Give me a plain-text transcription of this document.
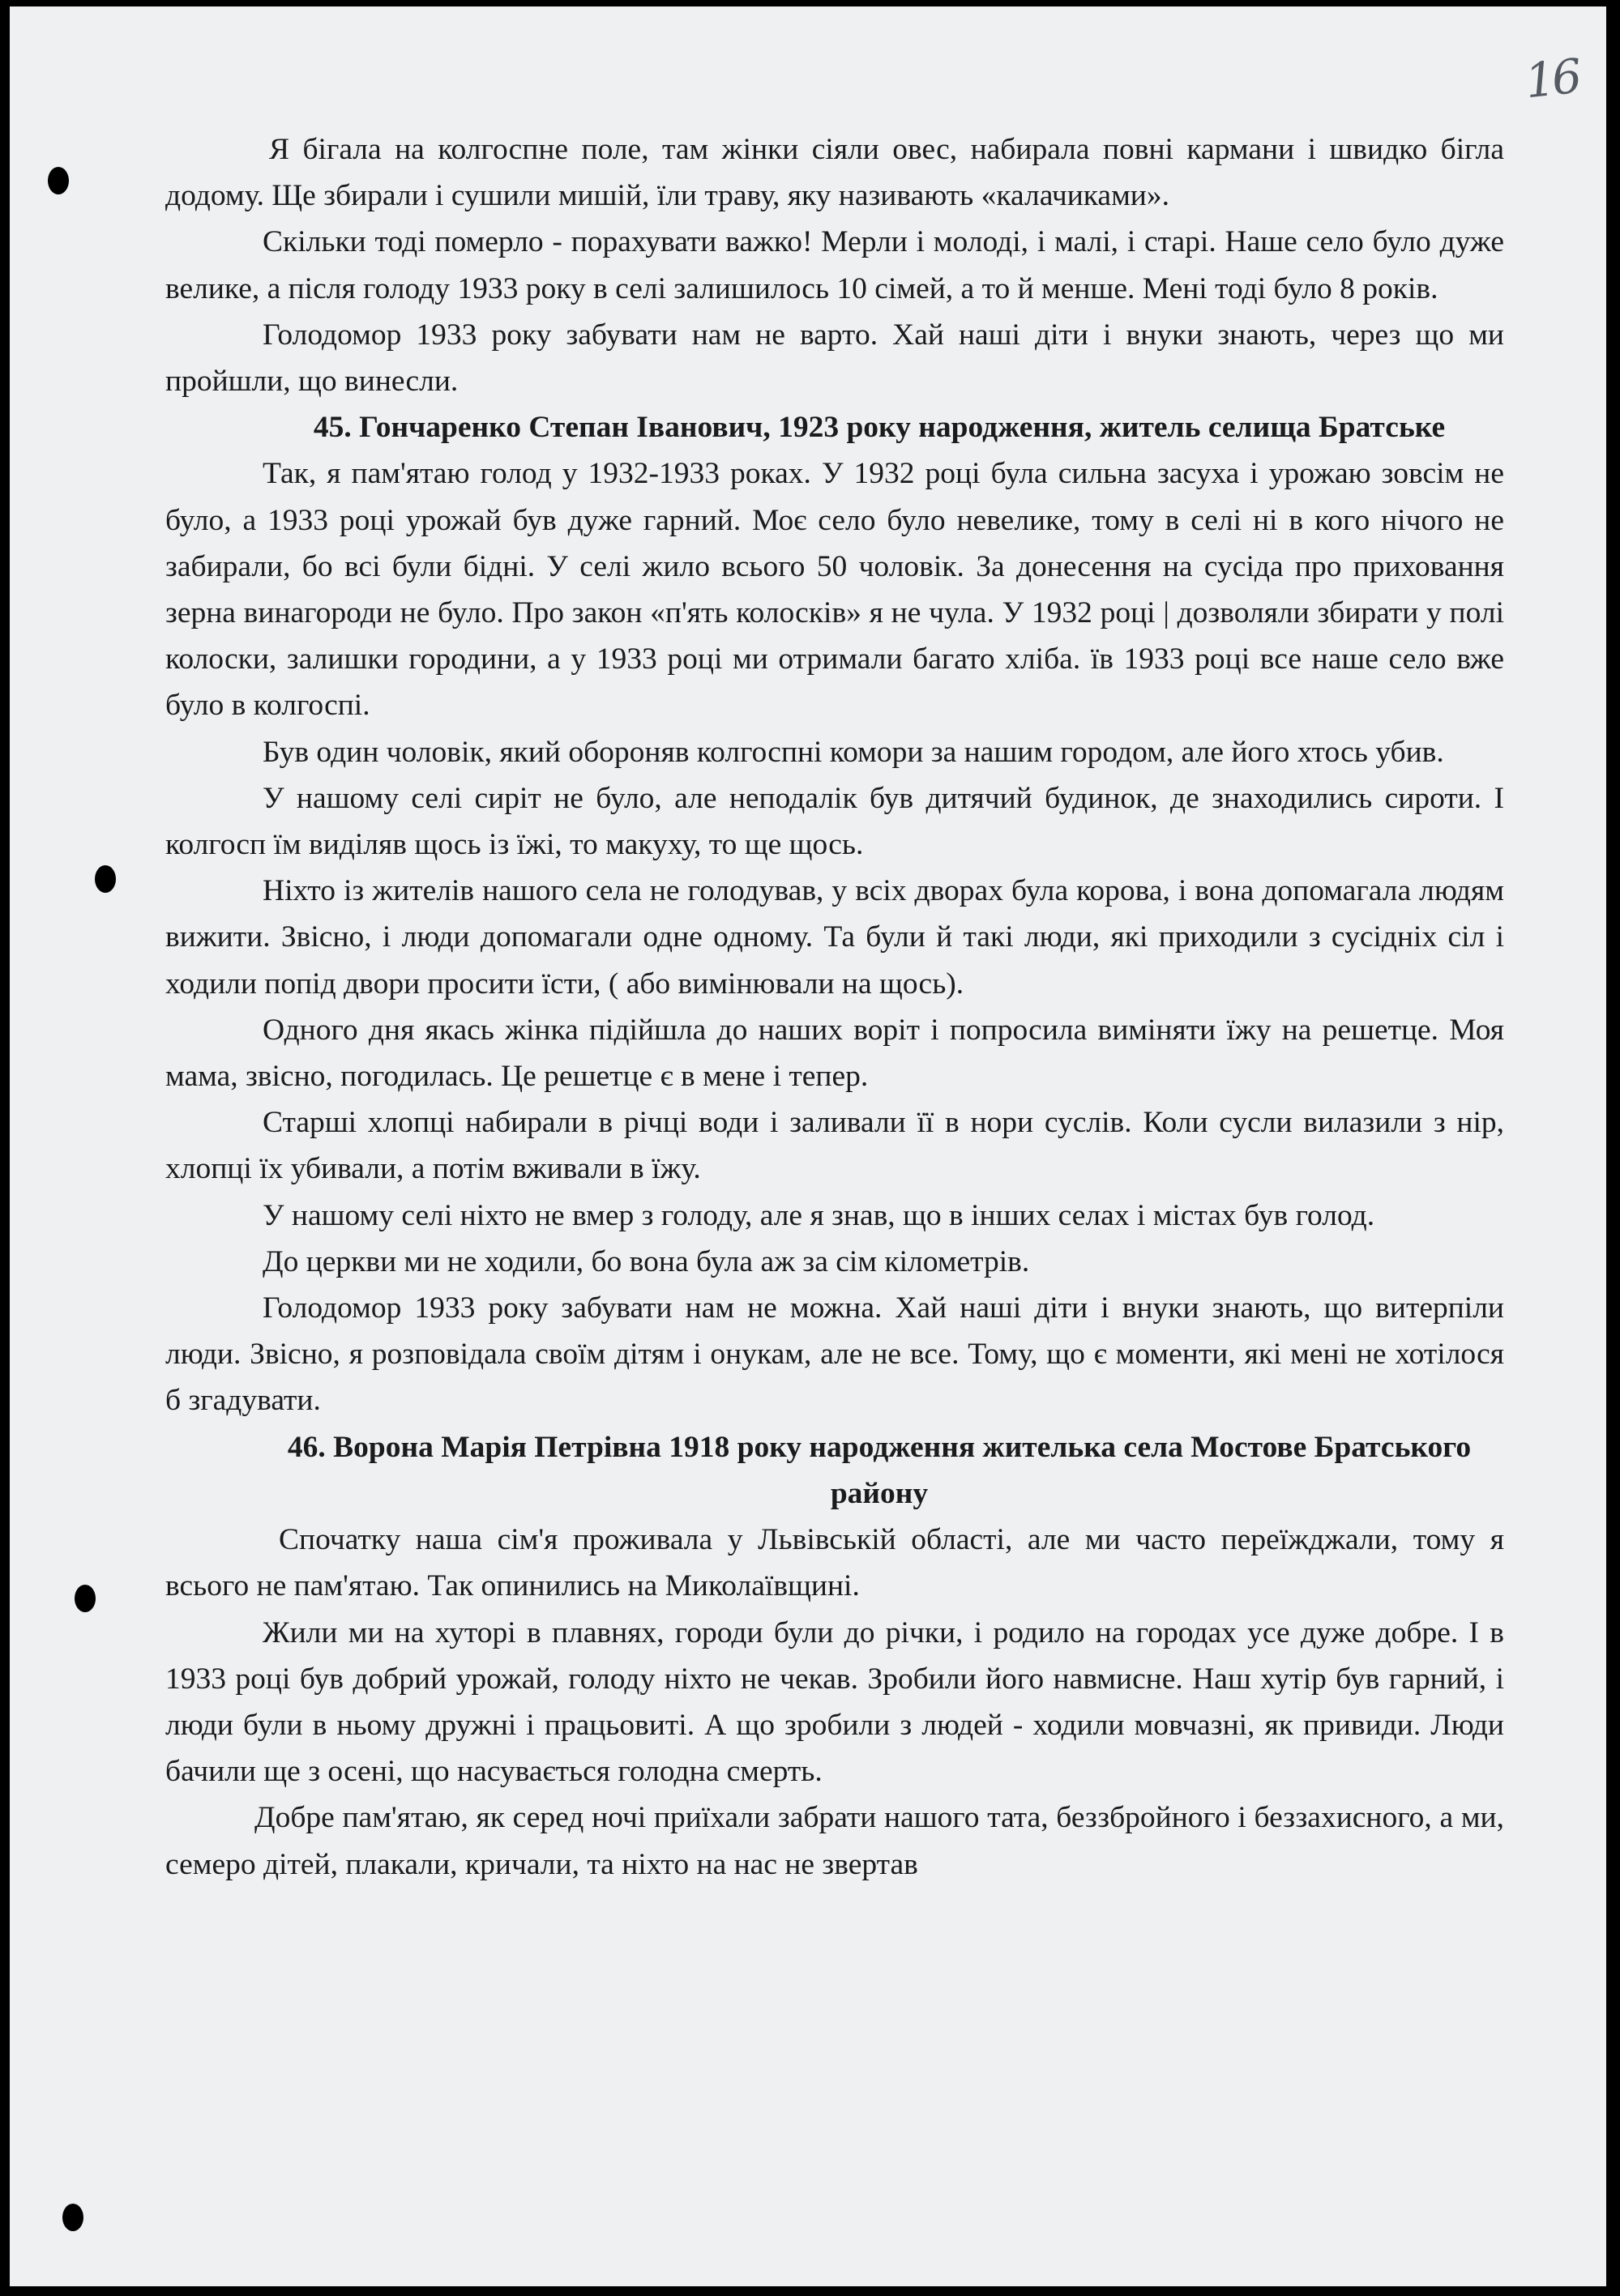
16

Я бігала на колгоспне поле, там жінки сіяли овес, набирала повні кармани і швидко бігла додому. Ще збирали і сушили мишій, їли траву, яку називають «калачиками».

Скільки тоді померло - порахувати важко! Мерли і молоді, і малі, і старі. Наше село було дуже велике, а після голоду 1933 року в селі залишилось 10 сімей, а то й менше. Мені тоді було 8 років.

Голодомор 1933 року забувати нам не варто. Хай наші діти і внуки знають, через що ми пройшли, що винесли.

45. Гончаренко Степан Іванович, 1923 року народження, житель селища Братське

Так, я пам'ятаю голод у 1932-1933 роках. У 1932 році була сильна засуха і урожаю зовсім не було, а 1933 році урожай був дуже гарний. Моє село було невелике, тому в селі ні в кого нічого не забирали, бо всі були бідні. У селі жило всього 50 чоловік. За донесення на сусіда про приховання зерна винагороди не було. Про закон «п'ять колосків» я не чула. У 1932 році | дозволяли збирати у полі колоски, залишки городини, а у 1933 році ми отримали багато хліба. їв 1933 році все наше село вже було в колгоспі.

Був один чоловік, який обороняв колгоспні комори за нашим городом, але його хтось убив.

У нашому селі сиріт не було, але неподалік був дитячий будинок, де знаходились сироти. І колгосп їм виділяв щось із їжі, то макуху, то ще щось.

Ніхто із жителів нашого села не голодував, у всіх дворах була корова, і вона допомагала людям вижити. Звісно, і люди допомагали одне одному. Та були й такі люди, які приходили з сусідніх сіл і ходили попід двори просити їсти, ( або вимінювали на щось).

Одного дня якась жінка підійшла до наших воріт і попросила виміняти їжу на решетце. Моя мама, звісно, погодилась. Це решетце є в мене і тепер.

Старші хлопці набирали в річці води і заливали її в нори суслів. Коли сусли вилазили з нір, хлопці їх убивали, а потім вживали в їжу.

У нашому селі ніхто не вмер з голоду, але я знав, що в інших селах і містах був голод.

До церкви ми не ходили, бо вона була аж за сім кілометрів.

Голодомор 1933 року забувати нам не можна. Хай наші діти і внуки знають, що витерпіли люди. Звісно, я розповідала своїм дітям і онукам, але не все. Тому, що є моменти, які мені не хотілося б згадувати.

46. Ворона Марія Петрівна 1918 року народження жителька села Мостове Братського району

Спочатку наша сім'я проживала у Львівській області, але ми часто переїжджали, тому я всього не пам'ятаю. Так опинились на Миколаївщині.

Жили ми на хуторі в плавнях, городи були до річки, і родило на городах усе дуже добре. І в 1933 році був добрий урожай, голоду ніхто не чекав. Зробили його навмисне. Наш хутір був гарний, і люди були в ньому дружні і працьовиті. А що зробили з людей - ходили мовчазні, як привиди. Люди бачили ще з осені, що насувається голодна смерть.

Добре пам'ятаю, як серед ночі приїхали забрати нашого тата, беззбройного і беззахисного, а ми, семеро дітей, плакали, кричали, та ніхто на нас не звертав
